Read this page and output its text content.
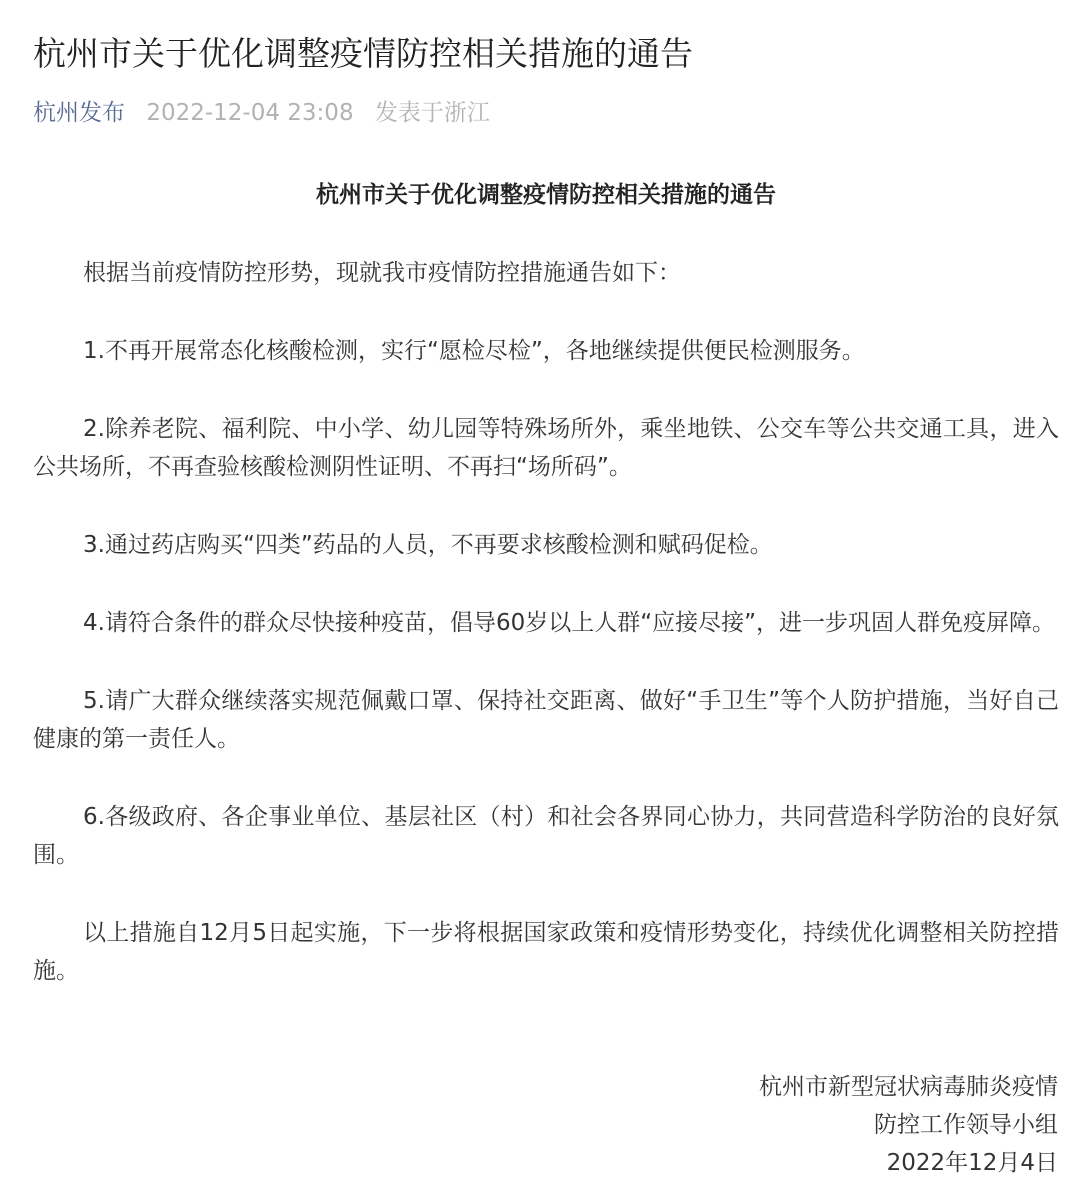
杭州市关于优化调整疫情防控相关措施的通告
杭州发布 2022-12-04 23:08 发表于浙江

杭州市关于优化调整疫情防控相关措施的通告

根据当前疫情防控形势，现就我市疫情防控措施通告如下：

1.不再开展常态化核酸检测，实行“愿检尽检”，各地继续提供便民检测服务。

2.除养老院、福利院、中小学、幼儿园等特殊场所外，乘坐地铁、公交车等公共交通工具，进入公共场所，不再查验核酸检测阴性证明、不再扫“场所码”。

3.通过药店购买“四类”药品的人员，不再要求核酸检测和赋码促检。

4.请符合条件的群众尽快接种疫苗，倡导60岁以上人群“应接尽接”，进一步巩固人群免疫屏障。

5.请广大群众继续落实规范佩戴口罩、保持社交距离、做好“手卫生”等个人防护措施，当好自己健康的第一责任人。

6.各级政府、各企事业单位、基层社区（村）和社会各界同心协力，共同营造科学防治的良好氛围。

以上措施自12月5日起实施，下一步将根据国家政策和疫情形势变化，持续优化调整相关防控措施。

杭州市新型冠状病毒肺炎疫情
防控工作领导小组
2022年12月4日
